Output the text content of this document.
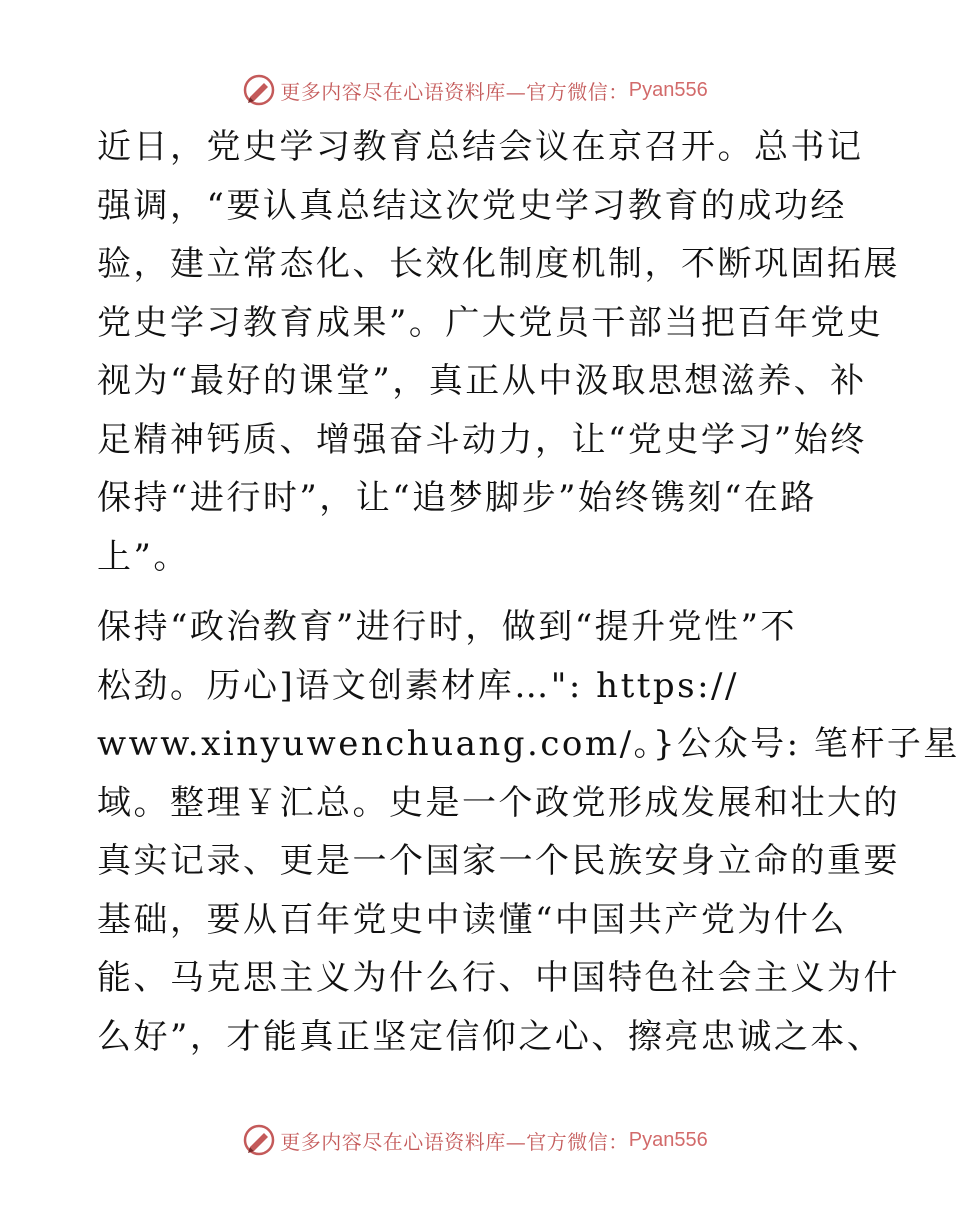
更多内容尽在心语资料库—官方微信： Pyan556
近日，党史学习教育总结会议在京召开。总书记
强调，“要认真总结这次党史学习教育的成功经
验，建立常态化、长效化制度机制，不断巩固拓展
党史学习教育成果”。广大党员干部当把百年党史
视为“最好的课堂”，真正从中汲取思想滋养、补
足精神钙质、增强奋斗动力，让“党史学习”始终
保持“进行时”，让“追梦脚步”始终镌刻“在路
上”。
保持“政治教育”进行时，做到“提升党性”不
松劲。历心]语文创素材库…": https://
www.xinyuwenchuang.com/。}公众号: 笔杆子星
域。整理￥汇总。史是一个政党形成发展和壮大的
真实记录、更是一个国家一个民族安身立命的重要
基础，要从百年党史中读懂“中国共产党为什么
能、马克思主义为什么行、中国特色社会主义为什
么好”，才能真正坚定信仰之心、擦亮忠诚之本、
更多内容尽在心语资料库—官方微信： Pyan556
